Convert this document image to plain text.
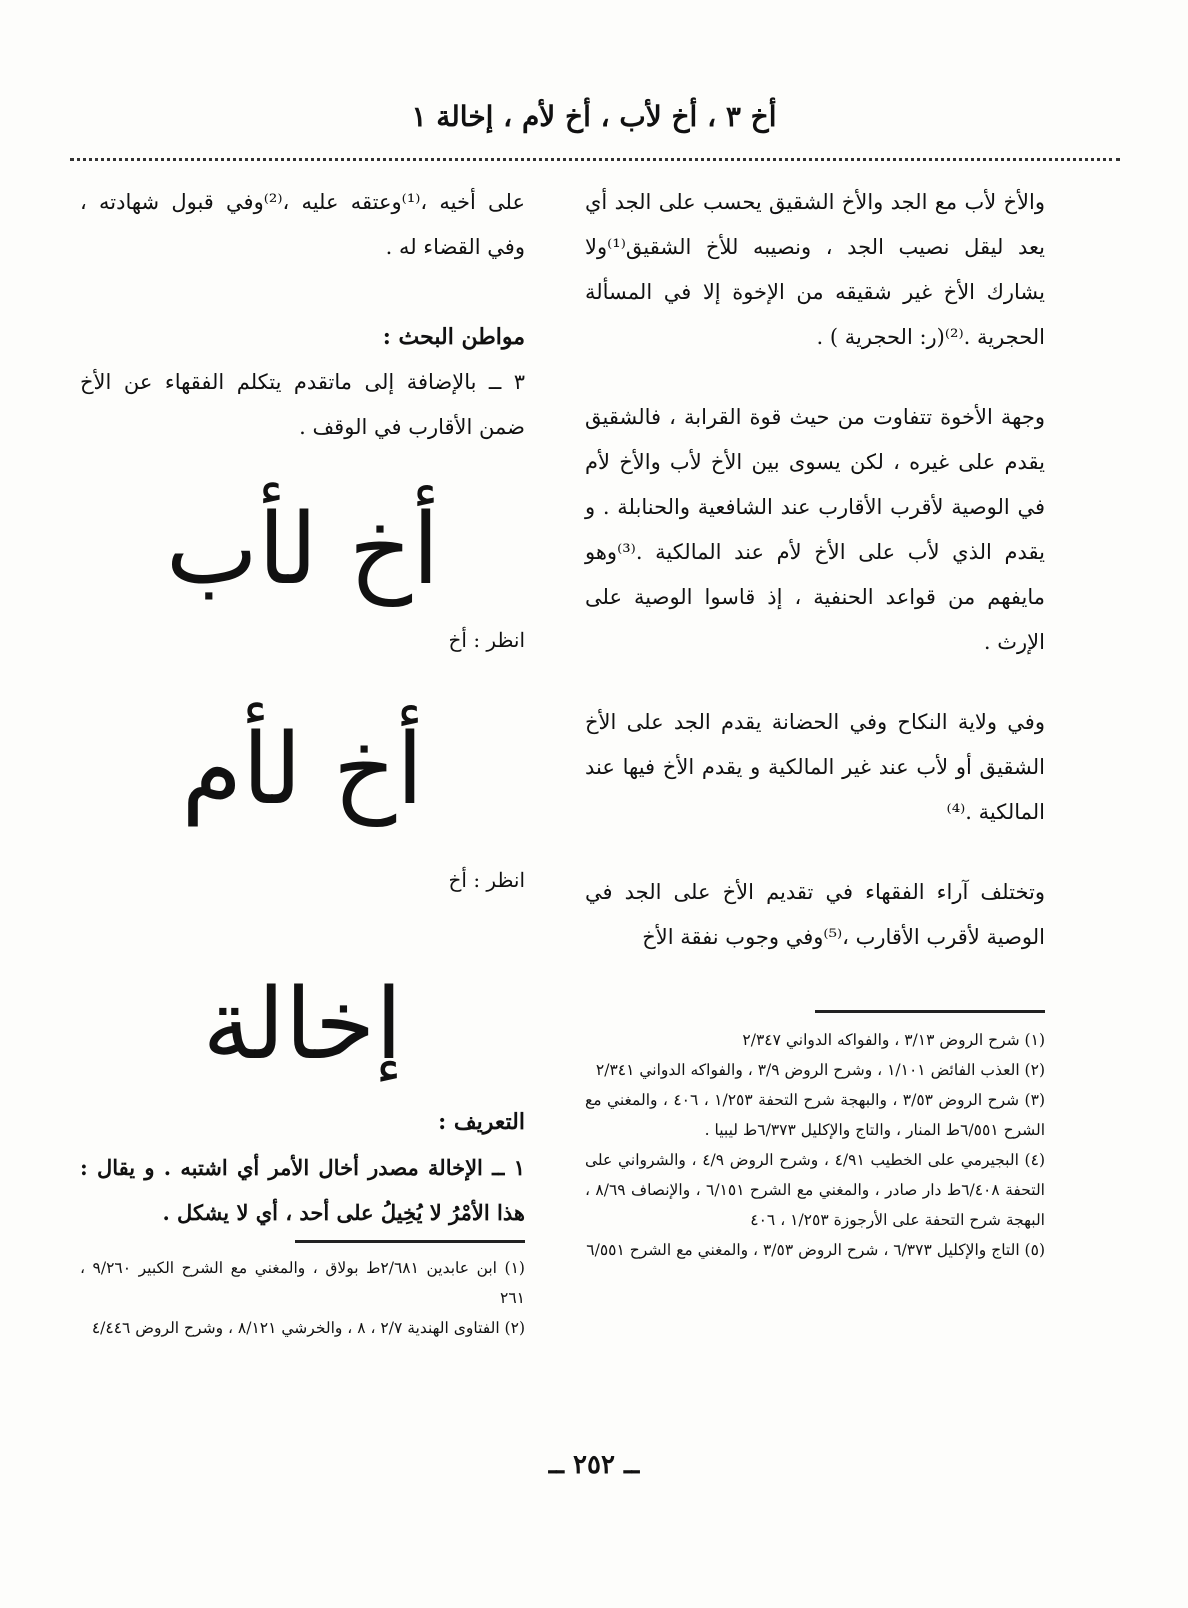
أخ ٣ ، أخ لأب ، أخ لأم ، إخالة ١

والأخ لأب مع الجد والأخ الشقيق يحسب على الجد أي يعد ليقل نصيب الجد ، ونصيبه للأخ الشقيق⁽¹⁾ولا يشارك الأخ غير شقيقه من الإخوة إلا في المسألة الحجرية .⁽²⁾(ر: الحجرية ) .

وجهة الأخوة تتفاوت من حيث قوة القرابة ، فالشقيق يقدم على غيره ، لكن يسوى بين الأخ لأب والأخ لأم في الوصية لأقرب الأقارب عند الشافعية والحنابلة . و يقدم الذي لأب على الأخ لأم عند المالكية .⁽³⁾وهو مايفهم من قواعد الحنفية ، إذ قاسوا الوصية على الإرث .

وفي ولاية النكاح وفي الحضانة يقدم الجد على الأخ الشقيق أو لأب عند غير المالكية و يقدم الأخ فيها عند المالكية .⁽⁴⁾

وتختلف آراء الفقهاء في تقديم الأخ على الجد في الوصية لأقرب الأقارب ،⁽⁵⁾وفي وجوب نفقة الأخ

(١) شرح الروض ٣/١٣ ، والفواكه الدواني ٢/٣٤٧

(٢) العذب الفائض ١/١٠١ ، وشرح الروض ٣/٩ ، والفواكه الدواني ٢/٣٤١

(٣) شرح الروض ٣/٥٣ ، والبهجة شرح التحفة ١/٢٥٣ ، ٤٠٦ ، والمغني مع الشرح ٦/٥٥١ط المنار ، والتاج والإكليل ٦/٣٧٣ط ليبيا .

(٤) البجيرمي على الخطيب ٤/٩١ ، وشرح الروض ٤/٩ ، والشرواني على التحفة ٦/٤٠٨ط دار صادر ، والمغني مع الشرح ٦/١٥١ ، والإنصاف ٨/٦٩ ، البهجة شرح التحفة على الأرجوزة ١/٢٥٣ ، ٤٠٦

(٥) التاج والإكليل ٦/٣٧٣ ، شرح الروض ٣/٥٣ ، والمغني مع الشرح ٦/٥٥١

على أخيه ،⁽¹⁾وعتقه عليه ،⁽²⁾وفي قبول شهادته ، وفي القضاء له .

مواطن البحث :

٣ ــ بالإضافة إلى ماتقدم يتكلم الفقهاء عن الأخ ضمن الأقارب في الوقف .

أخ لأب

انظر : أخ

أخ لأم

انظر : أخ

إخالة

التعريف :

١ ــ الإخالة مصدر أخال الأمر أي اشتبه . و يقال : هذا الأمْرُ لا يُخِيلُ على أحد ، أي لا يشكل .

(١) ابن عابدين ٢/٦٨١ط بولاق ، والمغني مع الشرح الكبير ٩/٢٦٠ ، ٢٦١

(٢) الفتاوى الهندية ٢/٧ ، ٨ ، والخرشي ٨/١٢١ ، وشرح الروض ٤/٤٤٦

ــ ٢٥٢ ــ
